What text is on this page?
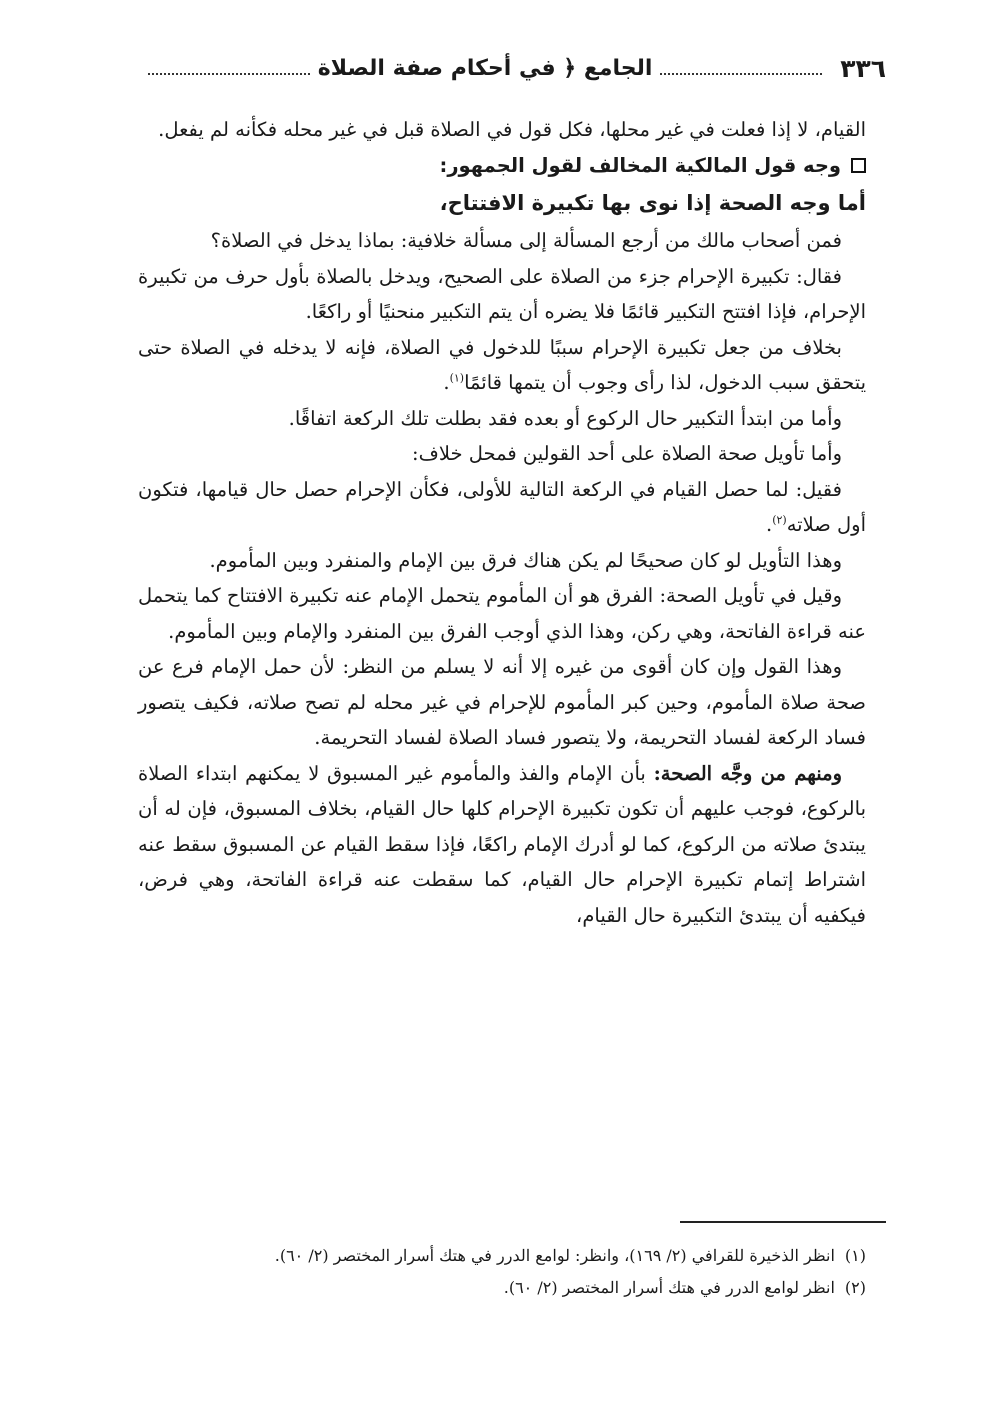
٣٣٦
الجامع ﴿ في أحكام صفة الصلاة

القيام، لا إذا فعلت في غير محلها، فكل قول في الصلاة قبل في غير محله فكأنه لم يفعل.

وجه قول المالكية المخالف لقول الجمهور:

أما وجه الصحة إذا نوى بها تكبيرة الافتتاح،

فمن أصحاب مالك من أرجع المسألة إلى مسألة خلافية: بماذا يدخل في الصلاة؟

فقال: تكبيرة الإحرام جزء من الصلاة على الصحيح، ويدخل بالصلاة بأول حرف من تكبيرة الإحرام، فإذا افتتح التكبير قائمًا فلا يضره أن يتم التكبير منحنيًا أو راكعًا.

بخلاف من جعل تكبيرة الإحرام سببًا للدخول في الصلاة، فإنه لا يدخله في الصلاة حتى يتحقق سبب الدخول، لذا رأى وجوب أن يتمها قائمًا$^{(١)}$.

وأما من ابتدأ التكبير حال الركوع أو بعده فقد بطلت تلك الركعة اتفاقًا.

وأما تأويل صحة الصلاة على أحد القولين فمحل خلاف:

فقيل: لما حصل القيام في الركعة التالية للأولى، فكأن الإحرام حصل حال قيامها، فتكون أول صلاته$^{(٢)}$.

وهذا التأويل لو كان صحيحًا لم يكن هناك فرق بين الإمام والمنفرد وبين المأموم.

وقيل في تأويل الصحة: الفرق هو أن المأموم يتحمل الإمام عنه تكبيرة الافتتاح كما يتحمل عنه قراءة الفاتحة، وهي ركن، وهذا الذي أوجب الفرق بين المنفرد والإمام وبين المأموم.

وهذا القول وإن كان أقوى من غيره إلا أنه لا يسلم من النظر: لأن حمل الإمام فرع عن صحة صلاة المأموم، وحين كبر المأموم للإحرام في غير محله لم تصح صلاته، فكيف يتصور فساد الركعة لفساد التحريمة، ولا يتصور فساد الصلاة لفساد التحريمة.

ومنهم من وجَّه الصحة: بأن الإمام والفذ والمأموم غير المسبوق لا يمكنهم ابتداء الصلاة بالركوع، فوجب عليهم أن تكون تكبيرة الإحرام كلها حال القيام، بخلاف المسبوق، فإن له أن يبتدئ صلاته من الركوع، كما لو أدرك الإمام راكعًا، فإذا سقط القيام عن المسبوق سقط عنه اشتراط إتمام تكبيرة الإحرام حال القيام، كما سقطت عنه قراءة الفاتحة، وهي فرض، فيكفيه أن يبتدئ التكبيرة حال القيام،

(١)
انظر الذخيرة للقرافي (٢/ ١٦٩)، وانظر: لوامع الدرر في هتك أسرار المختصر (٢/ ٦٠).
(٢)
انظر لوامع الدرر في هتك أسرار المختصر (٢/ ٦٠).
